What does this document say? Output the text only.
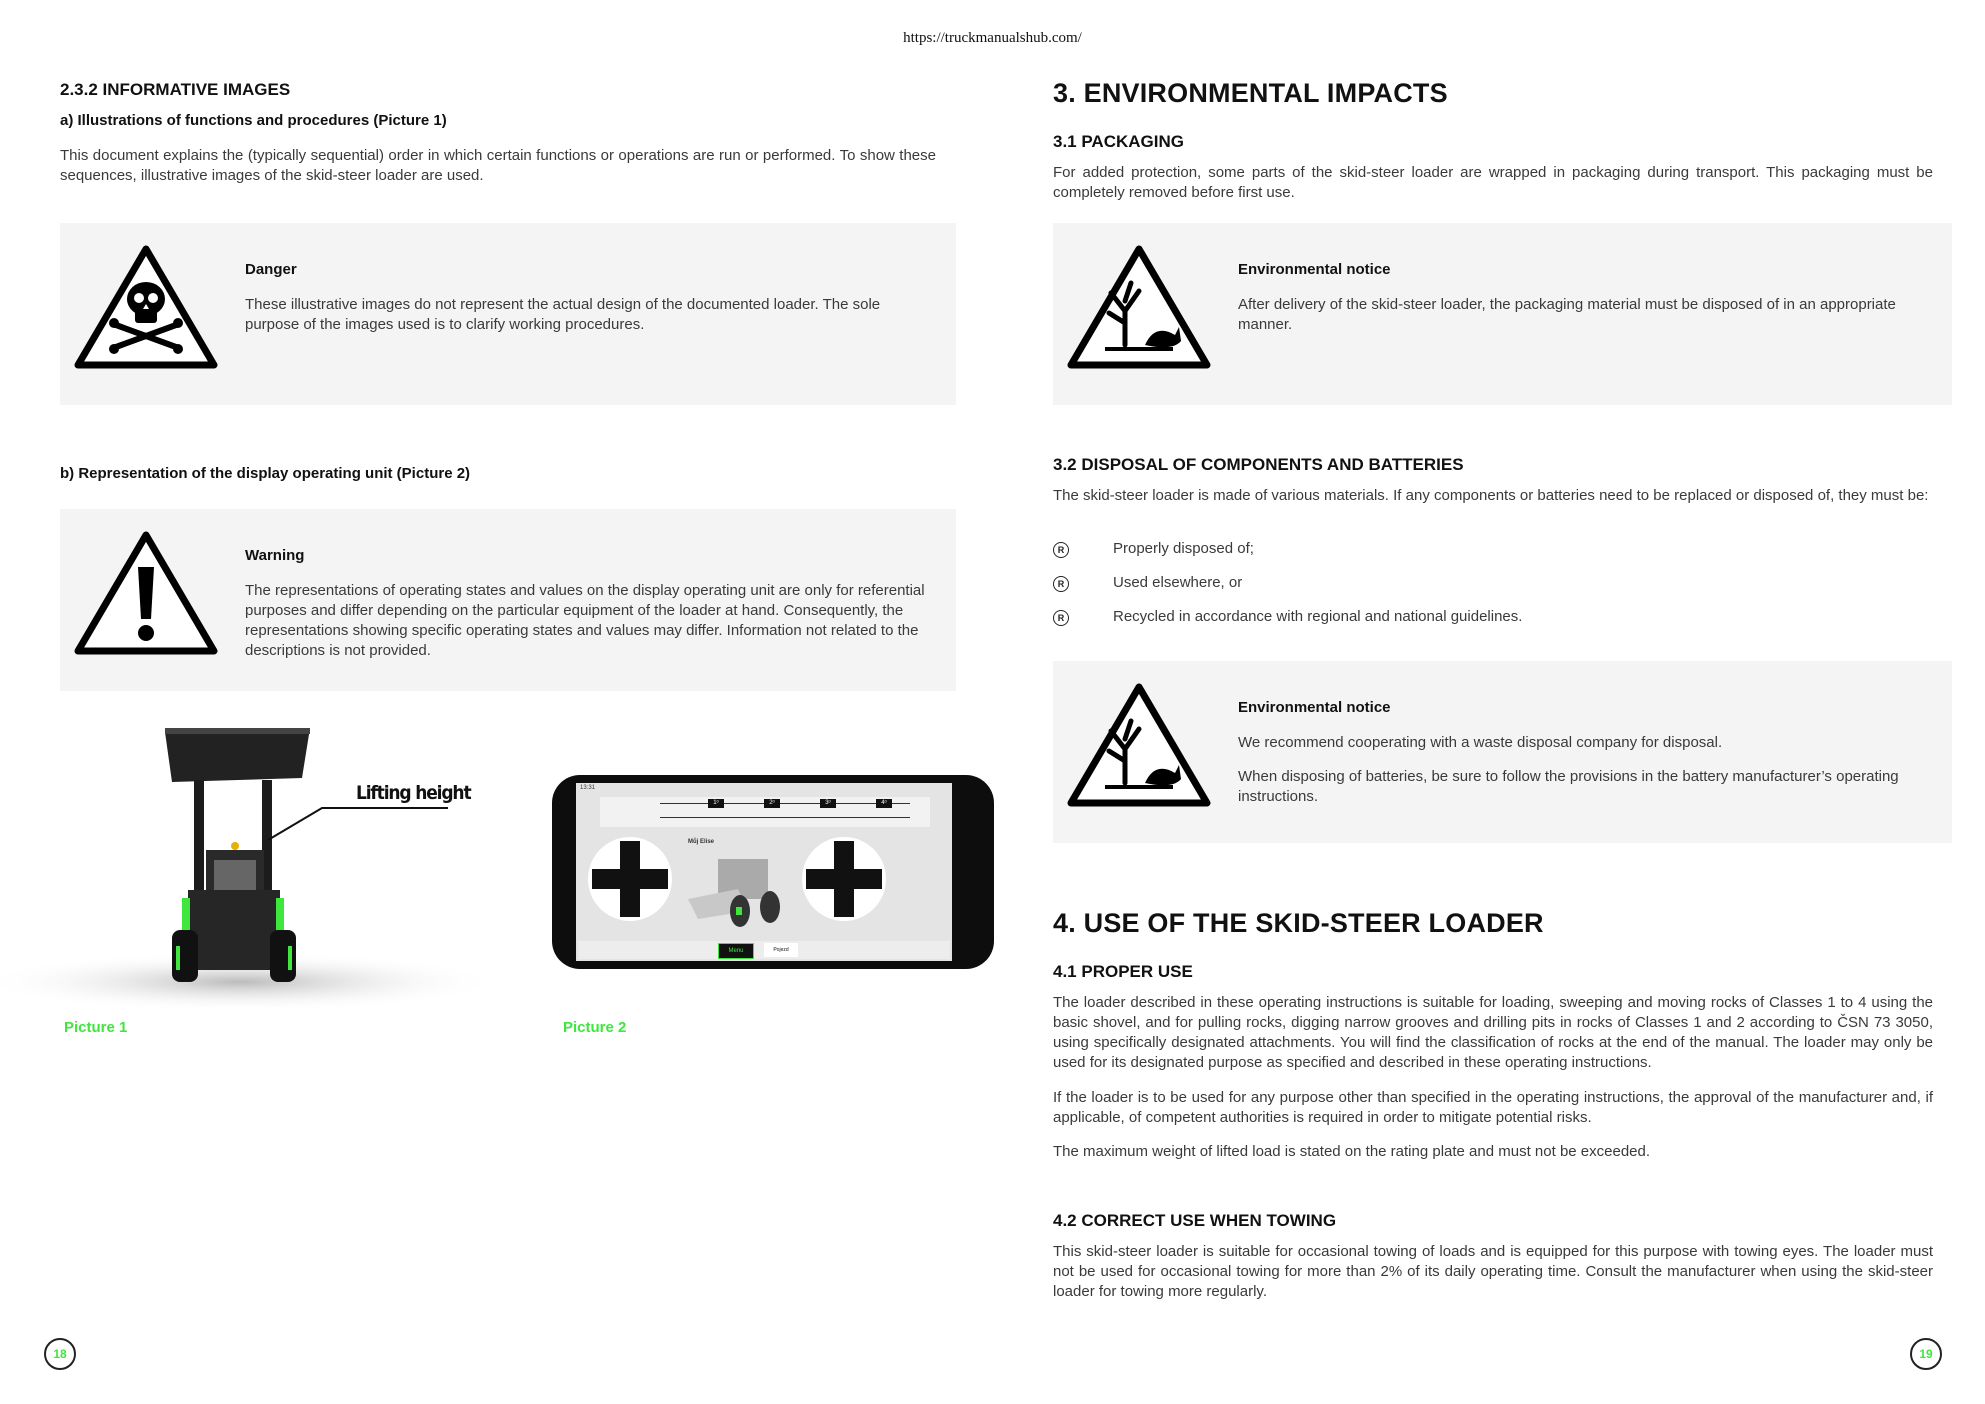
https://truckmanualshub.com/
2.3.2 INFORMATIVE IMAGES
a) Illustrations of functions and procedures (Picture 1)

This document explains the (typically sequential) order in which certain functions or operations are run or performed. To show these sequences, illustrative images of the skid-steer loader are used.

Danger

These illustrative images do not represent the actual design of the documented loader. The sole purpose of the images used is to clarify working procedures.

b) Representation of the display operating unit (Picture 2)

Warning

The representations of operating states and values on the display operating unit are only for referential purposes and differ depending on the particular equipment of the loader at hand. Consequently, the representations showing specific operating states and values may differ. Information not related to the descriptions is not provided.

Lifting height
Picture 1
13:31
1ᵒ	2ᵒ	3ᵒ	4ᵒ
Můj Elise
Menu	Pojezd
Picture 2
18
3. ENVIRONMENTAL IMPACTS
3.1 PACKAGING

For added protection, some parts of the skid-steer loader are wrapped in packaging during transport. This packaging must be completely removed before first use.

Environmental notice

After delivery of the skid-steer loader, the packaging material must be disposed of in an appropriate manner.

3.2 DISPOSAL OF COMPONENTS AND BATTERIES

The skid-steer loader is made of various materials. If any components or batteries need to be replaced or disposed of, they must be:

R	Properly disposed of;
R	Used elsewhere, or
R	Recycled in accordance with regional and national guidelines.

Environmental notice

We recommend cooperating with a waste disposal company for disposal.

When disposing of batteries, be sure to follow the provisions in the battery manufacturer’s operating instructions.

4. USE OF THE SKID-STEER LOADER
4.1 PROPER USE

The loader described in these operating instructions is suitable for loading, sweeping and moving rocks of Classes 1 to 4 using the basic shovel, and for pulling rocks, digging narrow grooves and drilling pits in rocks of Classes 1 and 2 according to ČSN 73 3050, using specifically designated attachments. You will find the classification of rocks at the end of the manual. The loader may only be used for its designated purpose as specified and described in these operating instructions.

If the loader is to be used for any purpose other than specified in the operating instructions, the approval of the manufacturer and, if applicable, of competent authorities is required in order to mitigate potential risks.

The maximum weight of lifted load is stated on the rating plate and must not be exceeded.

4.2 CORRECT USE WHEN TOWING

This skid-steer loader is suitable for occasional towing of loads and is equipped for this purpose with towing eyes. The loader must not be used for occasional towing for more than 2% of its daily operating time. Consult the manufacturer when using the skid-steer loader for towing more regularly.

19
